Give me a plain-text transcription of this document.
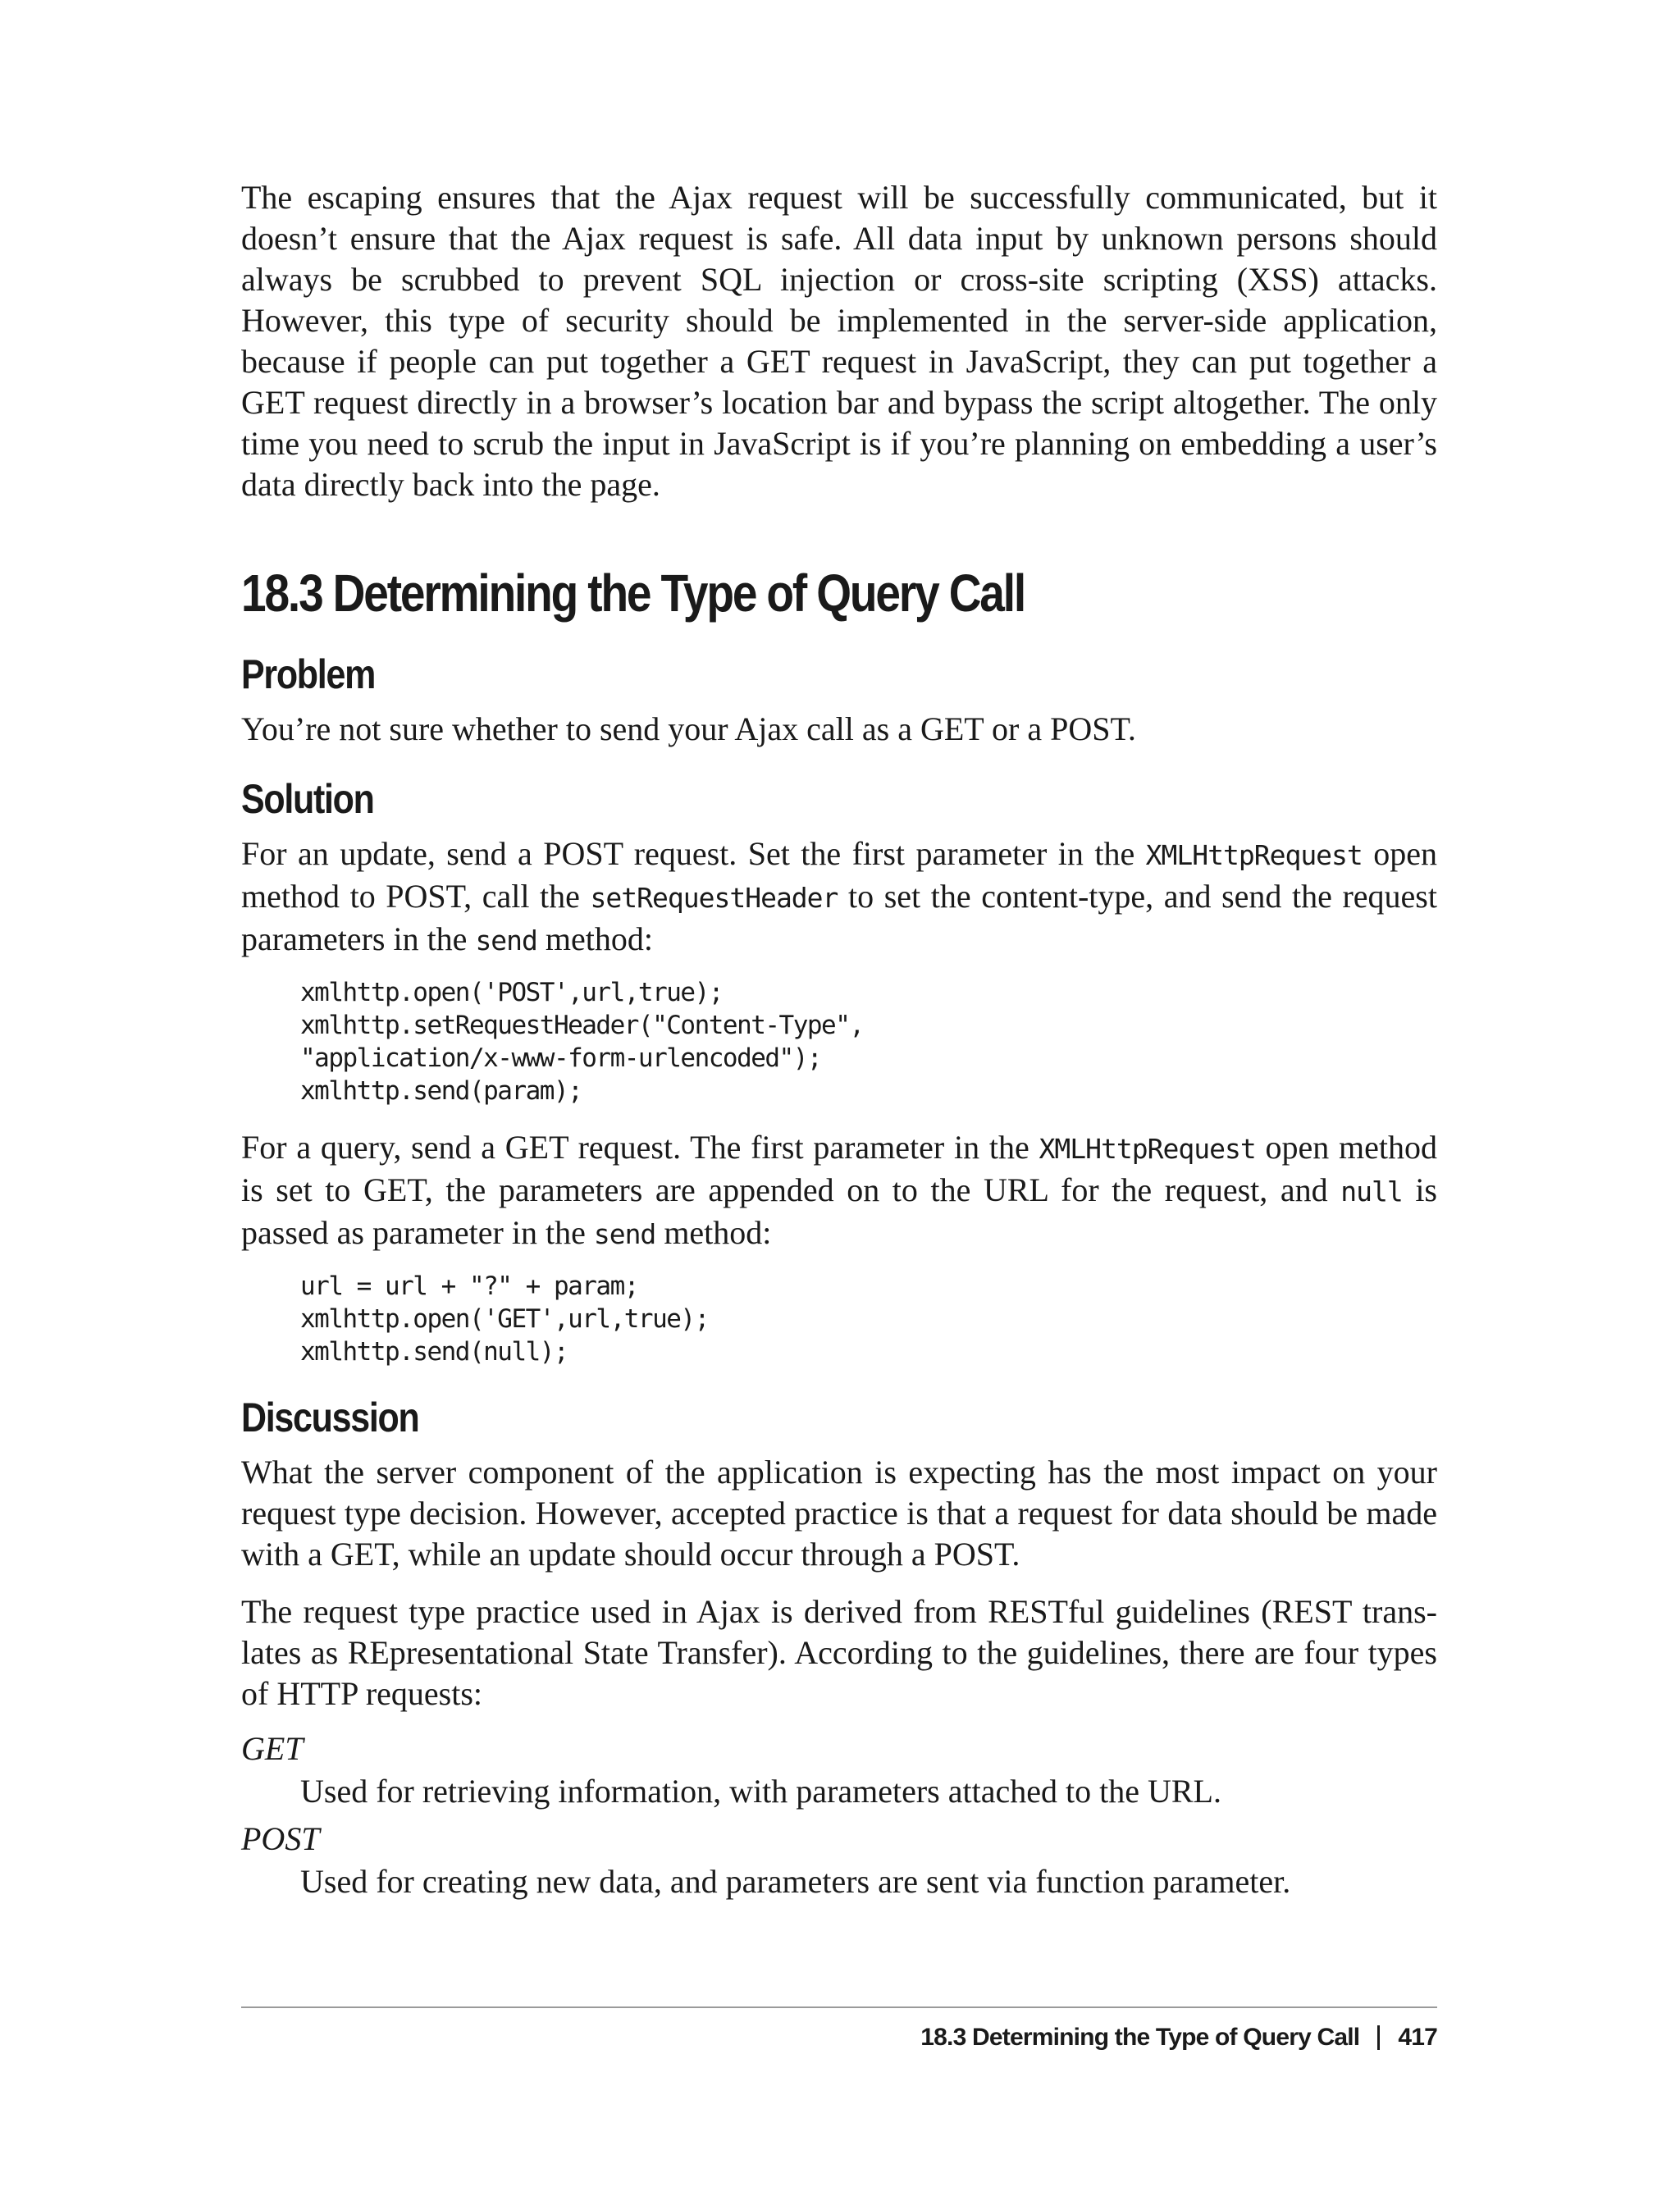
The escaping ensures that the Ajax request will be successfully communicated, but it doesn’t ensure that the Ajax request is safe. All data input by unknown persons should always be scrubbed to prevent SQL injection or cross-site scripting (XSS) attacks. However, this type of security should be implemented in the server-side application, because if people can put together a GET request in JavaScript, they can put together a GET request directly in a browser’s location bar and bypass the script altogether. The only time you need to scrub the input in JavaScript is if you’re planning on embedding a user’s data directly back into the page.

18.3 Determining the Type of Query Call
Problem

You’re not sure whether to send your Ajax call as a GET or a POST.

Solution

For an update, send a POST request. Set the first parameter in the XMLHttpRequest open method to POST, call the setRequestHeader to set the content-type, and send the request parameters in the send method:

xmlhttp.open('POST',url,true);
xmlhttp.setRequestHeader("Content-Type",
"application/x-www-form-urlencoded");
xmlhttp.send(param);

For a query, send a GET request. The first parameter in the XMLHttpRequest open method is set to GET, the parameters are appended on to the URL for the request, and null is passed as parameter in the send method:

url = url + "?" + param;
xmlhttp.open('GET',url,true);
xmlhttp.send(null);
Discussion

What the server component of the application is expecting has the most impact on your request type decision. However, accepted practice is that a request for data should be made with a GET, while an update should occur through a POST.

The request type practice used in Ajax is derived from RESTful guidelines (REST translates as REpresentational State Transfer). According to the guidelines, there are four types of HTTP requests:

GET
Used for retrieving information, with parameters attached to the URL.
POST
Used for creating new data, and parameters are sent via function parameter.
18.3 Determining the Type of Query Call 417
